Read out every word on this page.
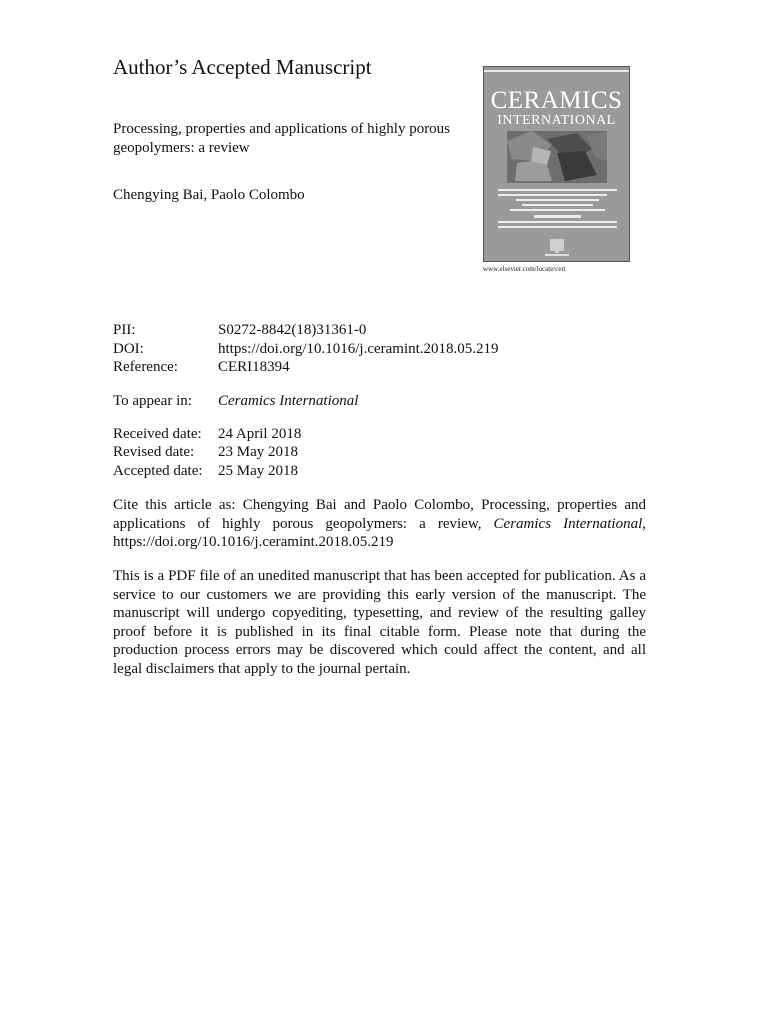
Author’s Accepted Manuscript
Processing, properties and applications of highly porous geopolymers: a review
Chengying Bai, Paolo Colombo
CERAMICS
INTERNATIONAL
www.elsevier.com/locate/ceri
PII:	S0272-8842(18)31361-0
DOI:	https://doi.org/10.1016/j.ceramint.2018.05.219
Reference:	CERI18394
To appear in: Ceramics International
Received date: 24 April 2018
Revised date: 23 May 2018
Accepted date: 25 May 2018
Cite this article as: Chengying Bai and Paolo Colombo, Processing, properties and applications of highly porous geopolymers: a review, Ceramics International, https://doi.org/10.1016/j.ceramint.2018.05.219
This is a PDF file of an unedited manuscript that has been accepted for publication. As a service to our customers we are providing this early version of the manuscript. The manuscript will undergo copyediting, typesetting, and review of the resulting galley proof before it is published in its final citable form. Please note that during the production process errors may be discovered which could affect the content, and all legal disclaimers that apply to the journal pertain.
